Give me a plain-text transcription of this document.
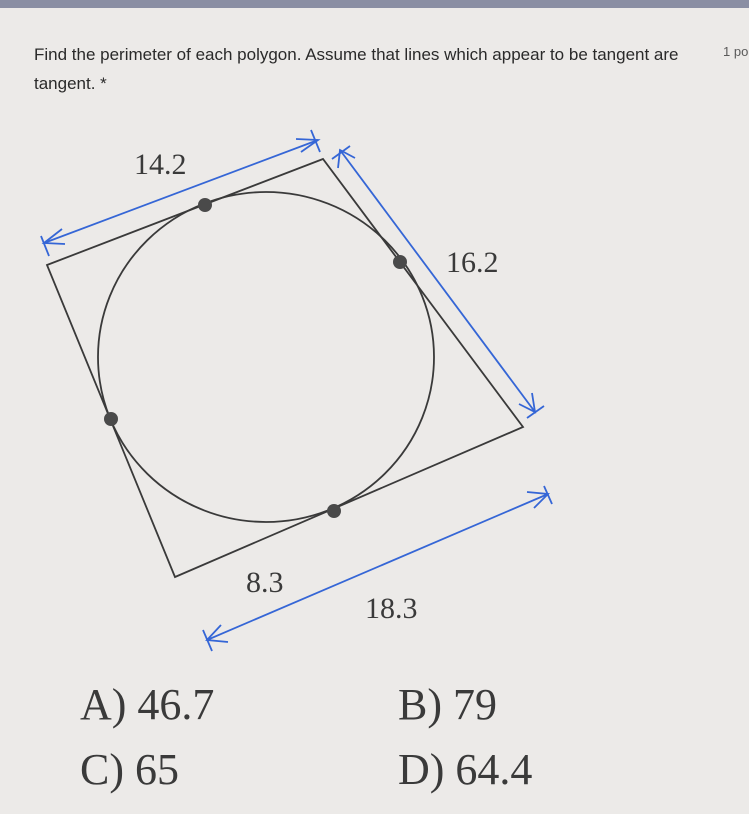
Find the perimeter of each polygon. Assume that lines which appear to be tangent are tangent. *
1 po
14.2
16.2
8.3
18.3
A) 46.7	B) 79
C) 65	D) 64.4
